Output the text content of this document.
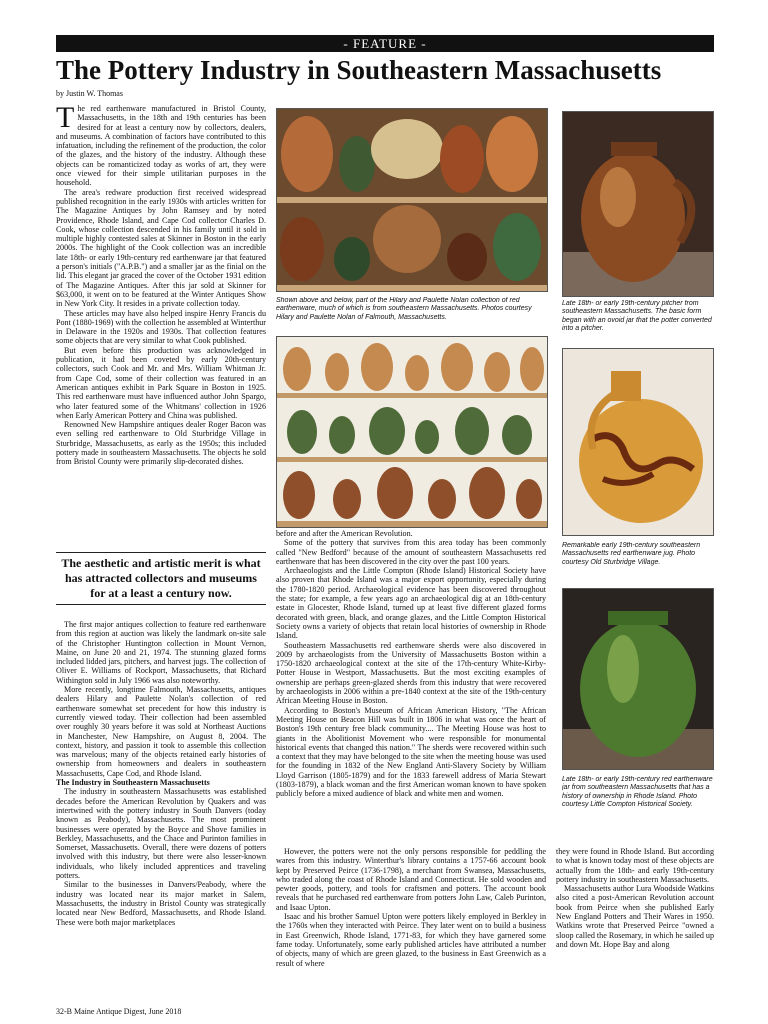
- FEATURE -
The Pottery Industry in Southeastern Massachusetts
by Justin W. Thomas

The red earthenware manufactured in Bristol County, Massachusetts, in the 18th and 19th centuries has been desired for at least a century now by collectors, dealers, and museums. A combination of factors have contributed to this infatuation, including the refinement of the production, the color of the glazes, and the history of the industry. Although these objects can be romanticized today as works of art, they were once viewed for their simple utilitarian purposes in the household.

The area's redware production first received widespread published recognition in the early 1930s with articles written for The Magazine Antiques by John Ramsey and by noted Providence, Rhode Island, and Cape Cod collector Charles D. Cook, whose collection descended in his family until it sold in multiple highly contested sales at Skinner in Boston in the early 2000s. The highlight of the Cook collection was an incredible late 18th- or early 19th-century red earthenware jar that featured a person's initials ("A.P.B.") and a smaller jar as the finial on the lid. This elegant jar graced the cover of the October 1931 edition of The Magazine Antiques. After this jar sold at Skinner for $63,000, it went on to be featured at the Winter Antiques Show in New York City. It resides in a private collection today.

These articles may have also helped inspire Henry Francis du Pont (1880-1969) with the collection he assembled at Winterthur in Delaware in the 1920s and 1930s. That collection features some objects that are very similar to what Cook published.

But even before this production was acknowledged in publication, it had been coveted by early 20th-century collectors, such Cook and Mr. and Mrs. William Whitman Jr. from Cape Cod, some of their collection was featured in an American antiques exhibit in Park Square in Boston in 1925. This red earthenware must have influenced author John Spargo, who later featured some of the Whitmans' collection in 1926 when Early American Pottery and China was published.

Renowned New Hampshire antiques dealer Roger Bacon was even selling red earthenware to Old Sturbridge Village in Sturbridge, Massachusetts, as early as the 1950s; this included pottery made in southeastern Massachusetts. The objects he sold from Bristol County were primarily slip-decorated dishes.

The aesthetic and artistic merit is what has attracted collectors and museums for at a least a century now.

The first major antiques collection to feature red earthenware from this region at auction was likely the landmark on-site sale of the Christopher Huntington collection in Mount Vernon, Maine, on June 20 and 21, 1974. The stunning glazed forms included lidded jars, pitchers, and harvest jugs. The collection of Oliver E. Williams of Rockport, Massachusetts, that Richard Withington sold in July 1966 was also noteworthy.

More recently, longtime Falmouth, Massachusetts, antiques dealers Hilary and Paulette Nolan's collection of red earthenware somewhat set precedent for how this industry is currently viewed today. Their collection had been assembled over roughly 30 years before it was sold at Northeast Auctions in Manchester, New Hampshire, on August 8, 2004. The context, history, and passion it took to assemble this collection was marvelous; many of the objects retained early histories of ownership from homeowners and dealers in southeastern Massachusetts, Cape Cod, and Rhode Island.

The Industry in Southeastern Massachusetts

The industry in southeastern Massachusetts was established decades before the American Revolution by Quakers and was intertwined with the pottery industry in South Danvers (today known as Peabody), Massachusetts. The most prominent businesses were operated by the Boyce and Shove families in Berkley, Massachusetts, and the Chace and Purinton families in Somerset, Massachusetts. Overall, there were dozens of potters involved with this industry, but there were also lesser-known individuals, who likely included apprentices and traveling potters.

Similar to the businesses in Danvers/Peabody, where the industry was located near its major market in Salem, Massachusetts, the industry in Bristol County was strategically located near New Bedford, Massachusetts, and Rhode Island. These were both major marketplaces

Shown above and below, part of the Hilary and Paulette Nolan collection of red earthenware, much of which is from southeastern Massachusetts. Photos courtesy Hilary and Paulette Nolan of Falmouth, Massachusetts.
Late 18th- or early 19th-century pitcher from southeastern Massachusetts. The basic form began with an ovoid jar that the potter converted into a pitcher.
Remarkable early 19th-century southeastern Massachusetts red earthenware jug. Photo courtesy Old Sturbridge Village.
Late 18th- or early 19th-century red earthenware jar from southeastern Massachusetts that has a history of ownership in Rhode Island. Photo courtesy Little Compton Historical Society.

before and after the American Revolution.

Some of the pottery that survives from this area today has been commonly called "New Bedford" because of the amount of southeastern Massachusetts red earthenware that has been discovered in the city over the past 100 years.

Archaeologists and the Little Compton (Rhode Island) Historical Society have also proven that Rhode Island was a major export opportunity, especially during the 1780-1820 period. Archaeological evidence has been discovered throughout the state; for example, a few years ago an archaeological dig at an 18th-century estate in Glocester, Rhode Island, turned up at least five different glazed forms decorated with green, black, and orange glazes, and the Little Compton Historical Society owns a variety of objects that retain local histories of ownership in Rhode Island.

Southeastern Massachusetts red earthenware sherds were also discovered in 2009 by archaeologists from the University of Massachusetts Boston within a 1750-1820 archaeological context at the site of the 17th-century White-Kirby-Potter House in Westport, Massachusetts. But the most exciting examples of ownership are perhaps green-glazed sherds from this industry that were recovered by archaeologists in 2006 within a pre-1840 context at the site of the 19th-century African Meeting House in Boston.

According to Boston's Museum of African American History, "The African Meeting House on Beacon Hill was built in 1806 in what was once the heart of Boston's 19th century free black community.... The Meeting House was host to giants in the Abolitionist Movement who were responsible for monumental historical events that changed this nation." The sherds were recovered within such a context that they may have belonged to the site when the meeting house was used for the founding in 1832 of the New England Anti-Slavery Society by William Lloyd Garrison (1805-1879) and for the 1833 farewell address of Maria Stewart (1803-1879), a black woman and the first American woman known to have spoken publicly before a mixed audience of black and white men and women.

However, the potters were not the only persons responsible for peddling the wares from this industry. Winterthur's library contains a 1757-66 account book kept by Preserved Peirce (1736-1798), a merchant from Swansea, Massachusetts, who traded along the coast of Rhode Island and Connecticut. He sold wooden and pewter goods, pottery, and tools for craftsmen and potters. The account book reveals that he purchased red earthenware from potters John Law, Caleb Purinton, and Isaac Upton.

Isaac and his brother Samuel Upton were potters likely employed in Berkley in the 1760s when they interacted with Peirce. They later went on to build a business in East Greenwich, Rhode Island, 1771-83, for which they have garnered some fame today. Unfortunately, some early published articles have attributed a number of objects, many of which are green glazed, to the business in East Greenwich as a result of where

they were found in Rhode Island. But according to what is known today most of these objects are actually from the 18th- and early 19th-century pottery industry in southeastern Massachusetts.

Massachusetts author Lura Woodside Watkins also cited a post-American Revolution account book from Peirce when she published Early New England Potters and Their Wares in 1950. Watkins wrote that Preserved Peirce "owned a sloop called the Rosemary, in which he sailed up and down Mt. Hope Bay and along

32-B Maine Antique Digest, June 2018
